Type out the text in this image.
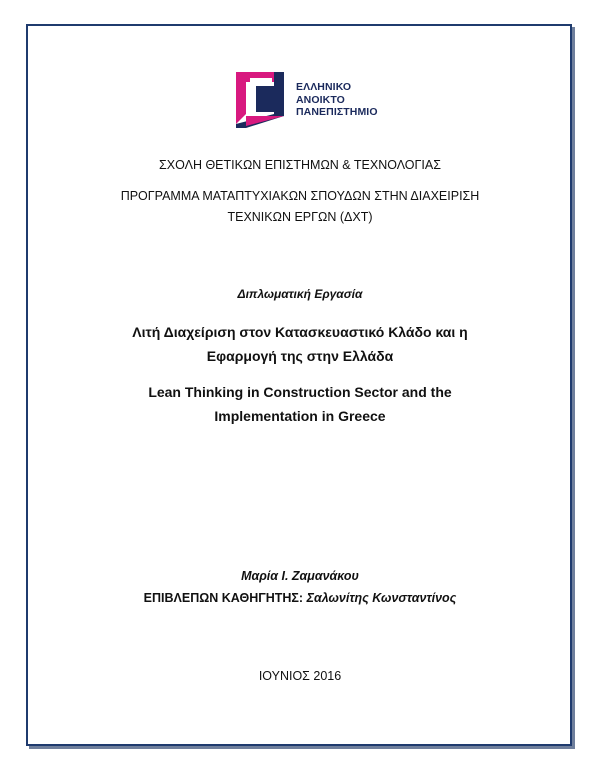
ΕΛΛΗΝΙΚΟ
ΑΝΟΙΚΤΟ
ΠΑΝΕΠΙΣΤΗΜΙΟ
ΣΧΟΛΗ ΘΕΤΙΚΩΝ ΕΠΙΣΤΗΜΩΝ & ΤΕΧΝΟΛΟΓΙΑΣ
ΠΡΟΓΡΑΜΜΑ ΜΑΤΑΠΤΥΧΙΑΚΩΝ ΣΠΟΥΔΩΝ ΣΤΗΝ ΔΙΑΧΕΙΡΙΣΗ
ΤΕΧΝΙΚΩΝ ΕΡΓΩΝ (ΔΧΤ)
Διπλωματική Εργασία
Λιτή Διαχείριση στον Κατασκευαστικό Κλάδο και η
Εφαρμογή της στην Ελλάδα
Lean Thinking in Construction Sector and the
Implementation in Greece
Μαρία Ι. Ζαμανάκου
ΕΠΙΒΛΕΠΩΝ ΚΑΘΗΓΗΤΗΣ: Σαλωνίτης Κωνσταντίνος
ΙΟΥΝΙΟΣ 2016
